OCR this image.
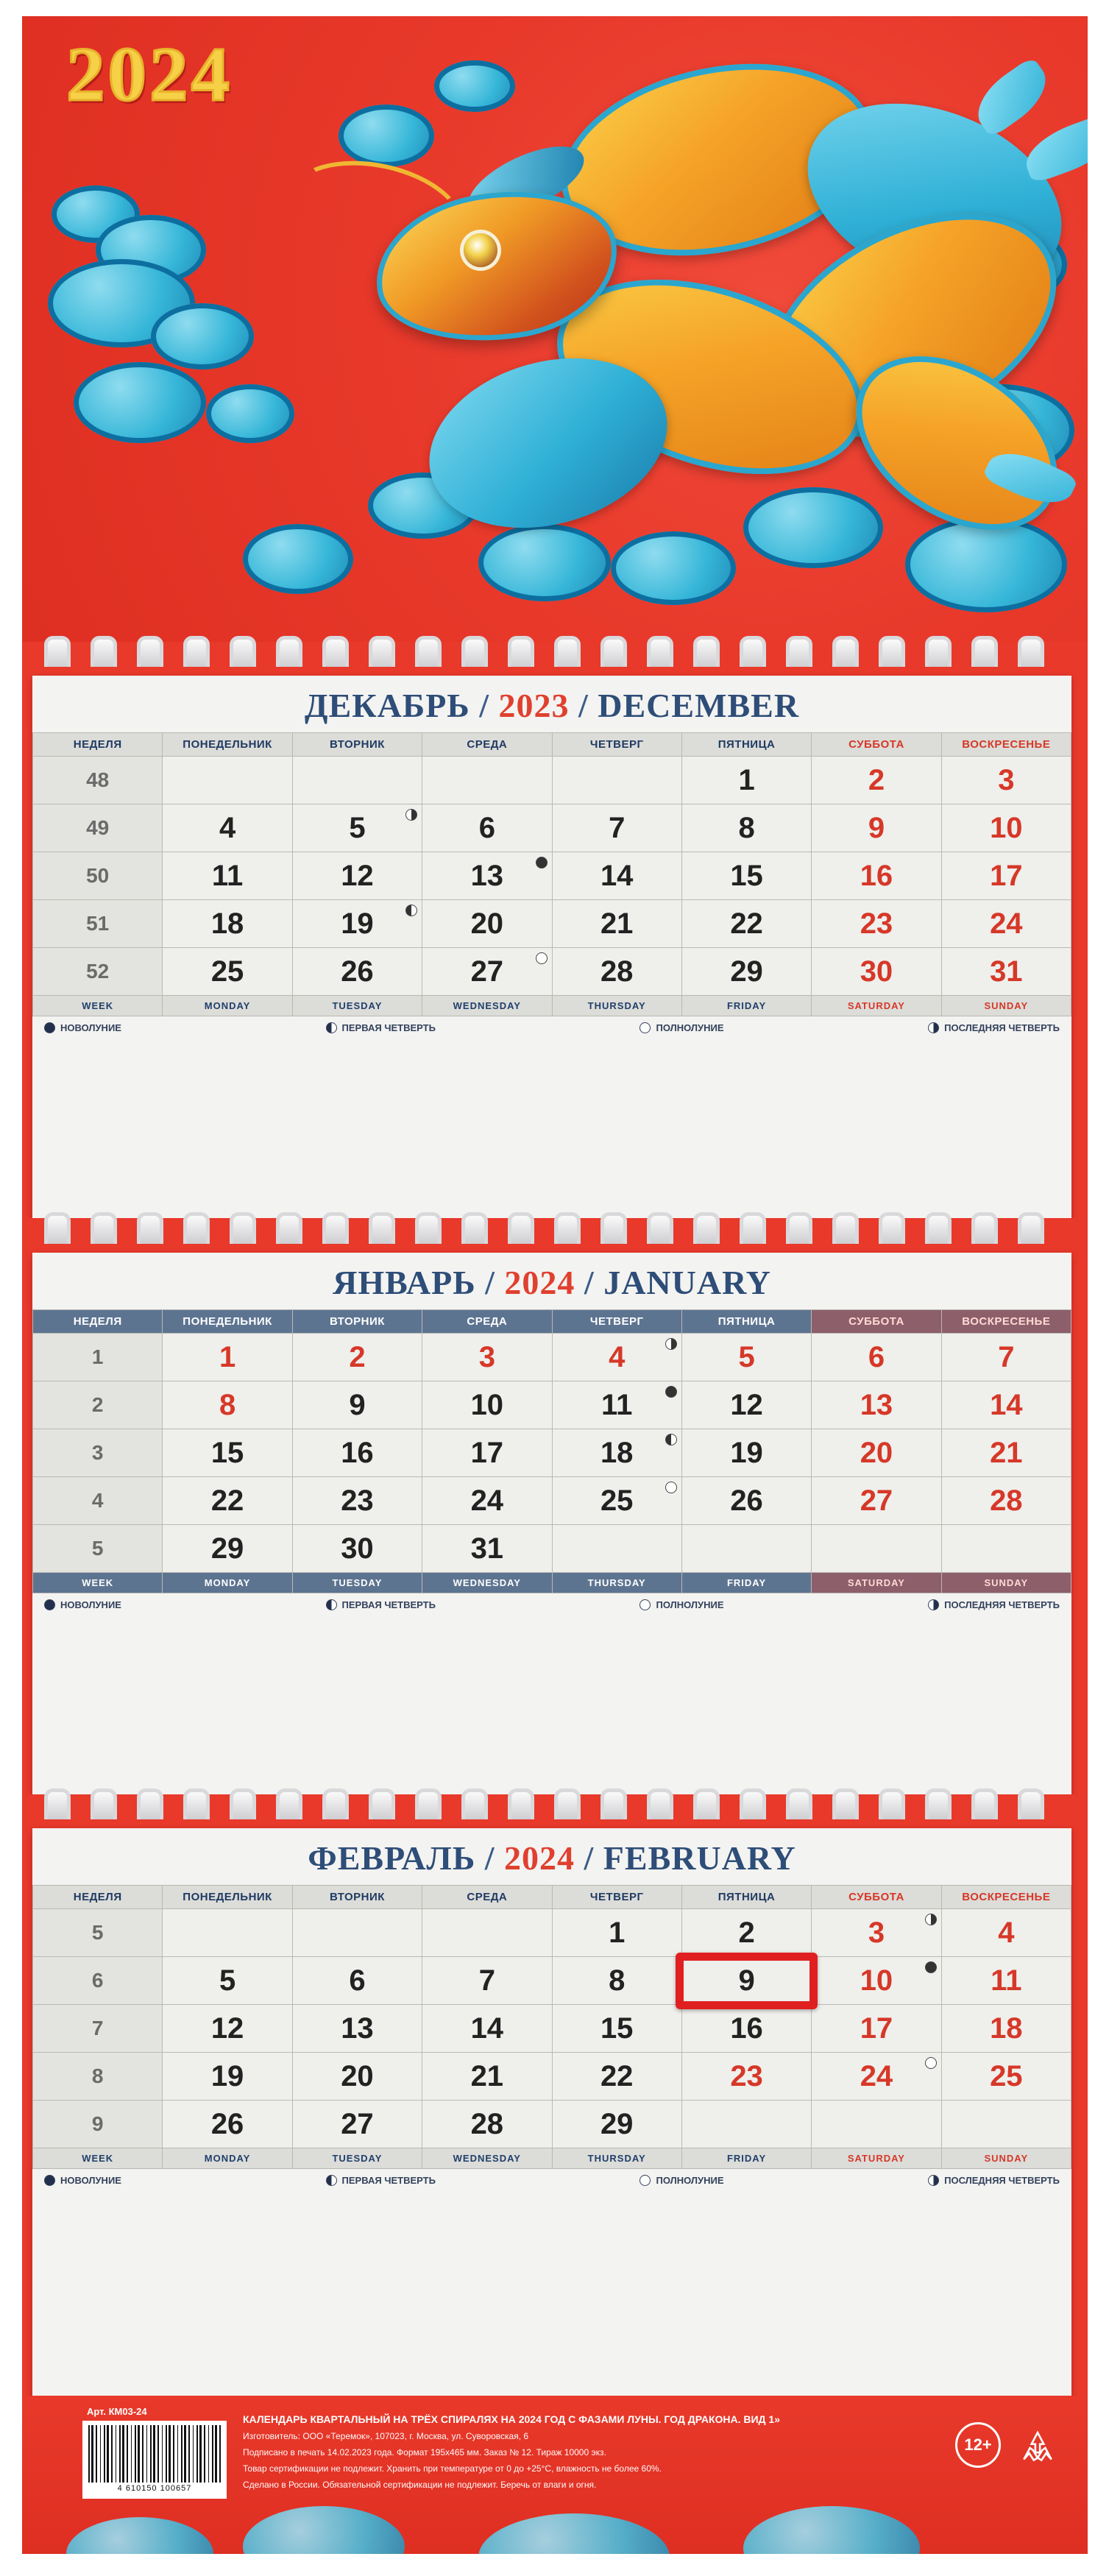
2024
ДЕКАБРЬ / 2023 / DECEMBER
НЕДЕЛЯ	ПОНЕДЕЛЬНИК	ВТОРНИК	СРЕДА	ЧЕТВЕРГ	ПЯТНИЦА	СУББОТА	ВОСКРЕСЕНЬЕ
48					1	2	3
49	4	5	6	7	8	9	10
50	11	12	13	14	15	16	17
51	18	19	20	21	22	23	24
52	25	26	27	28	29	30	31
WEEK	MONDAY	TUESDAY	WEDNESDAY	THURSDAY	FRIDAY	SATURDAY	SUNDAY
НОВОЛУНИЕ	ПЕРВАЯ ЧЕТВЕРТЬ	ПОЛНОЛУНИЕ	ПОСЛЕДНЯЯ ЧЕТВЕРТЬ
ЯНВАРЬ / 2024 / JANUARY
НЕДЕЛЯ	ПОНЕДЕЛЬНИК	ВТОРНИК	СРЕДА	ЧЕТВЕРГ	ПЯТНИЦА	СУББОТА	ВОСКРЕСЕНЬЕ
1	1	2	3	4	5	6	7
2	8	9	10	11	12	13	14
3	15	16	17	18	19	20	21
4	22	23	24	25	26	27	28
5	29	30	31				
WEEK	MONDAY	TUESDAY	WEDNESDAY	THURSDAY	FRIDAY	SATURDAY	SUNDAY
НОВОЛУНИЕ	ПЕРВАЯ ЧЕТВЕРТЬ	ПОЛНОЛУНИЕ	ПОСЛЕДНЯЯ ЧЕТВЕРТЬ
ФЕВРАЛЬ / 2024 / FEBRUARY
НЕДЕЛЯ	ПОНЕДЕЛЬНИК	ВТОРНИК	СРЕДА	ЧЕТВЕРГ	ПЯТНИЦА	СУББОТА	ВОСКРЕСЕНЬЕ
5				1	2	3	4
6	5	6	7	8	9	10	11
7	12	13	14	15	16	17	18
8	19	20	21	22	23	24	25
9	26	27	28	29			
WEEK	MONDAY	TUESDAY	WEDNESDAY	THURSDAY	FRIDAY	SATURDAY	SUNDAY
НОВОЛУНИЕ	ПЕРВАЯ ЧЕТВЕРТЬ	ПОЛНОЛУНИЕ	ПОСЛЕДНЯЯ ЧЕТВЕРТЬ
Арт. КМ03-24
4 610150 100657
КАЛЕНДАРЬ КВАРТАЛЬНЫЙ НА ТРЁХ СПИРАЛЯХ НА 2024 ГОД С ФАЗАМИ ЛУНЫ. ГОД ДРАКОНА. ВИД 1»
Изготовитель: ООО «Теремок», 107023, г. Москва, ул. Суворовская, 6
Подписано в печать 14.02.2023 года. Формат 195х465 мм. Заказ № 12. Тираж 10000 экз.
Товар сертификации не подлежит. Хранить при температуре от 0 до +25°С, влажность не более 60%.
Сделано в России. Обязательной сертификации не подлежит. Беречь от влаги и огня.
12+
